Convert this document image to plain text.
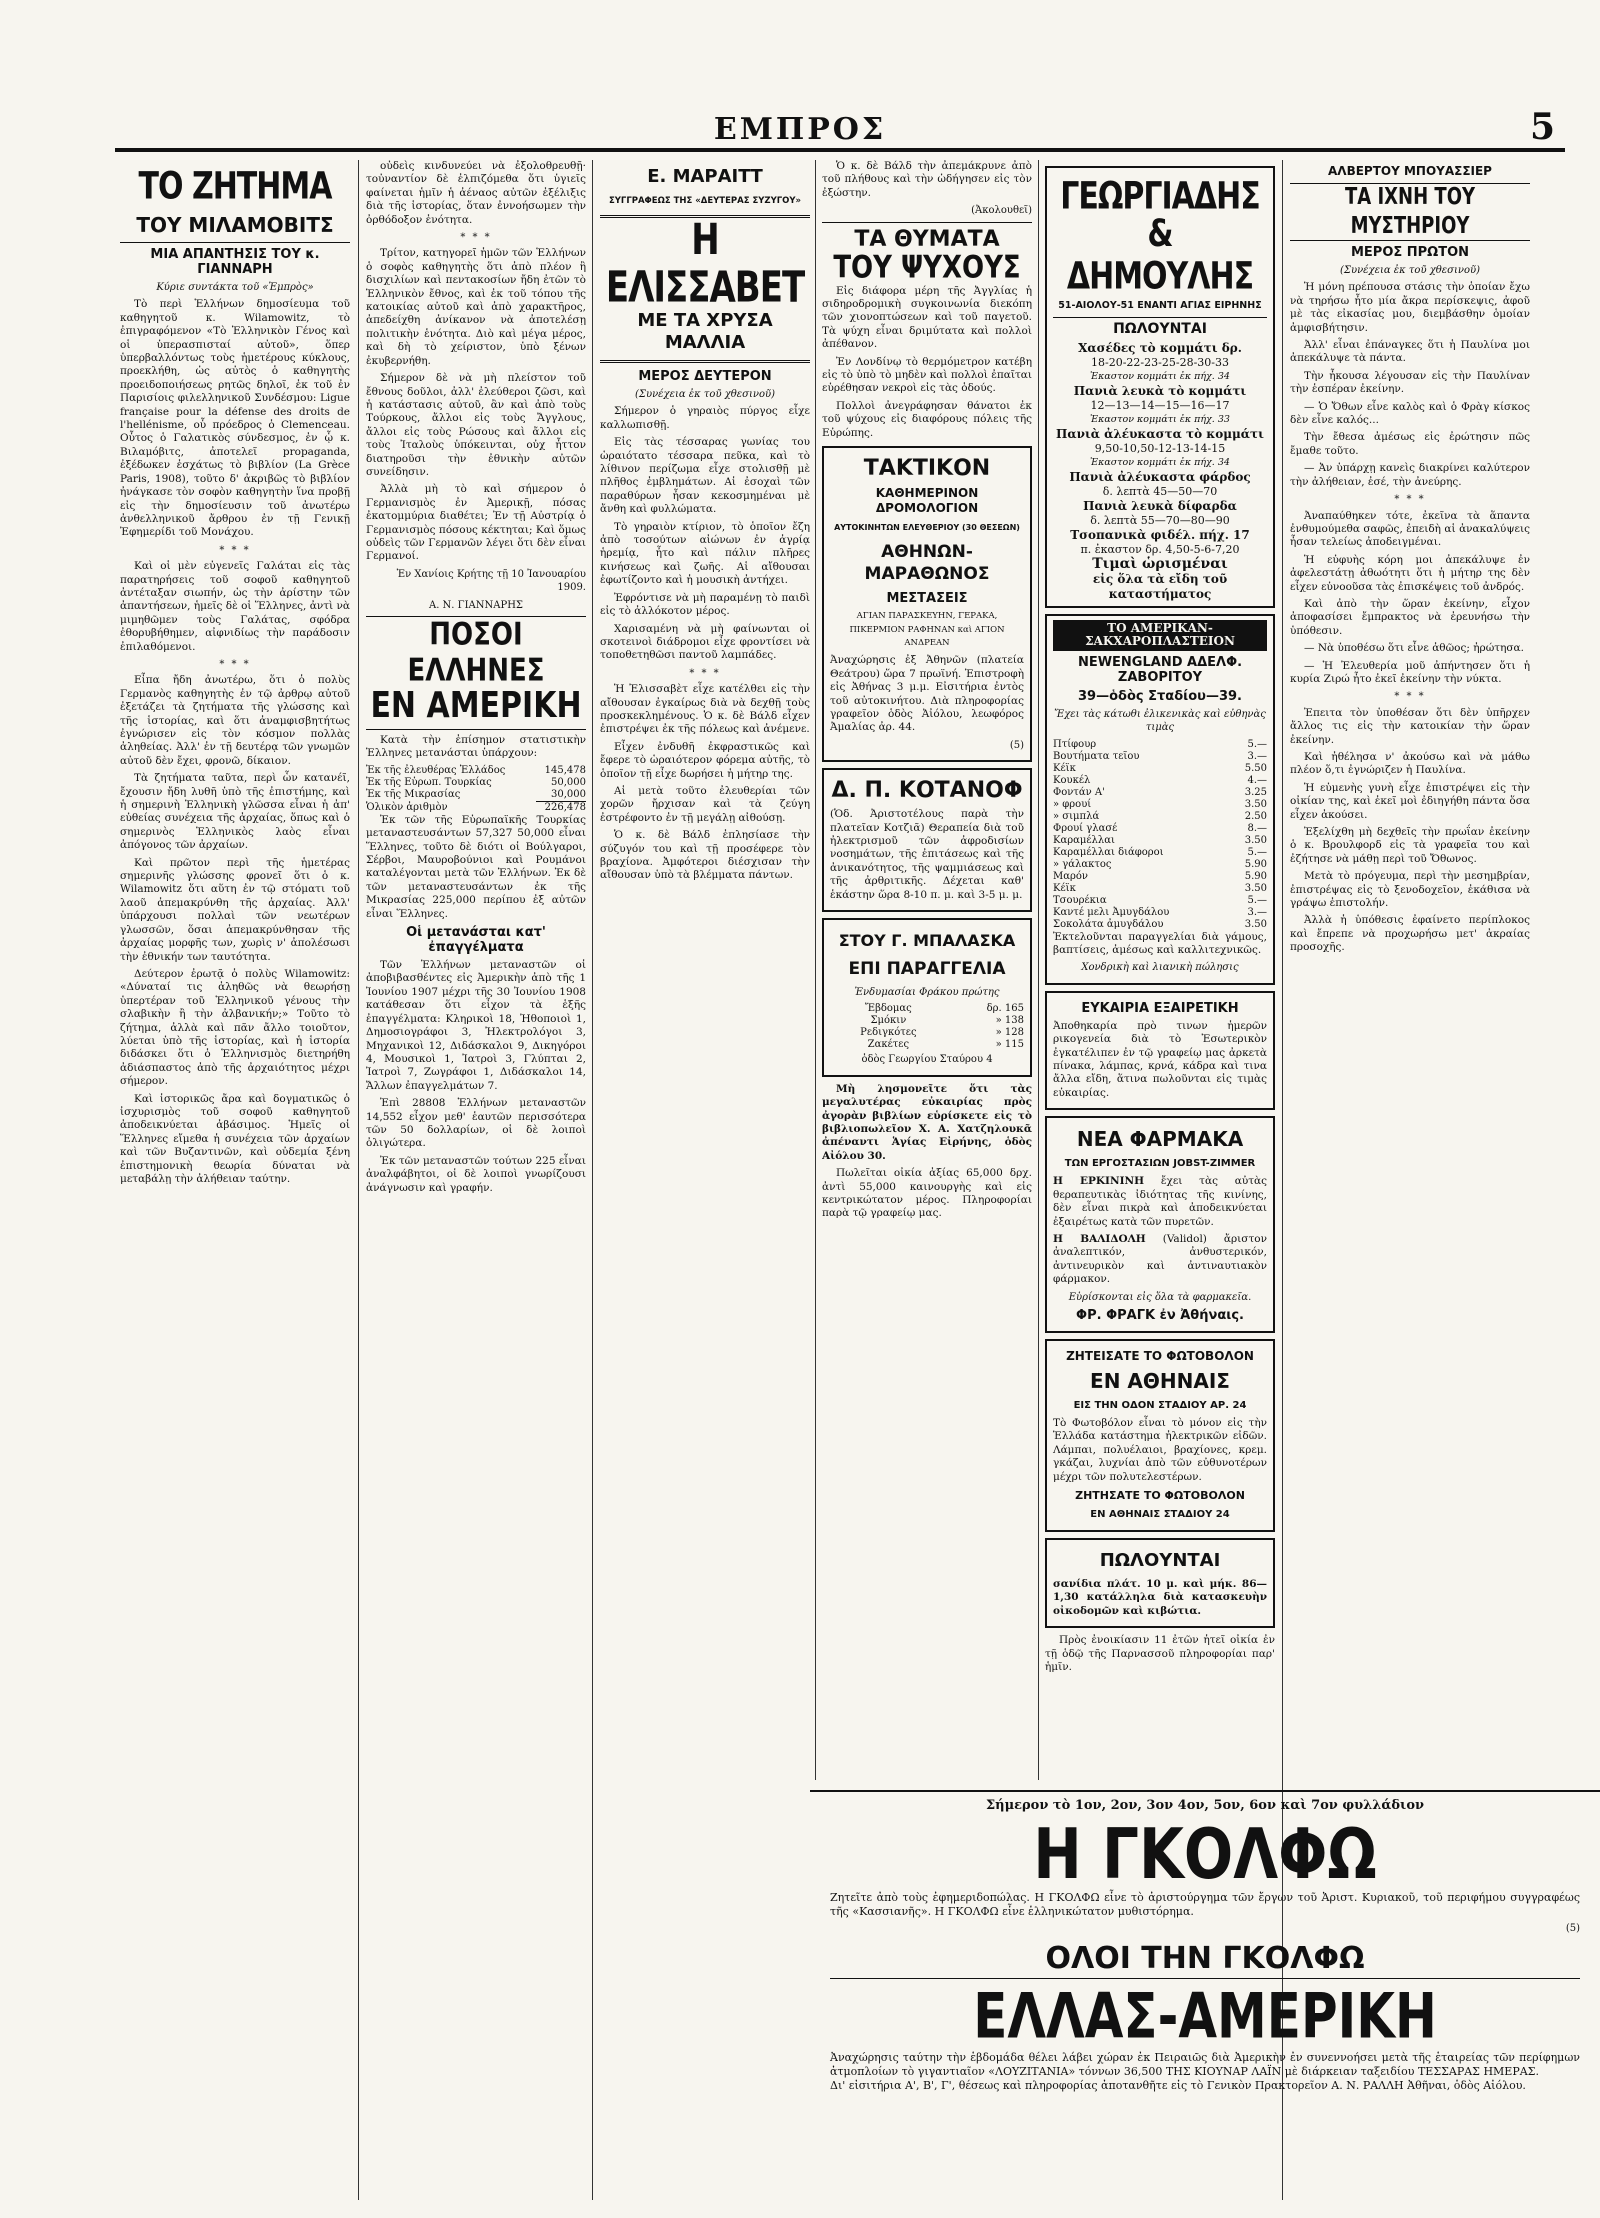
ΕΜΠΡΟΣ	5
ΤΟ ΖΗΤΗΜΑ
ΤΟΥ ΜΙΛΑΜΟΒΙΤΣ
ΜΙΑ ΑΠΑΝΤΗΣΙΣ ΤΟΥ κ. ΓΙΑΝΝΑΡΗ
Κύριε συντάκτα τοῦ «Ἐμπρὸς»

Τὸ περὶ Ἑλλήνων δημοσίευμα τοῦ καθηγητοῦ κ. Wilamowitz, τὸ ἐπιγραφόμενον «Τὸ Ἑλληνικὸν Γένος καὶ οἱ ὑπερασπισταί αὐτοῦ», ὅπερ ὑπερβαλλόντως τοὺς ἡμετέρους κύκλους, προεκλήθη, ὡς αὐτὸς ὁ καθηγητὴς προειδοποιήσεως ρητῶς δηλοῖ, ἐκ τοῦ ἐν Παρισίοις φιλελληνικοῦ Συνδέσμου: Ligue française pour la défense des droits de l'hellénisme, οὗ πρόεδρος ὁ Clemenceau. Οὗτος ὁ Γαλατικὸς σύνδεσμος, ἐν ᾧ κ. Βιλαμόβιτς, ἀποτελεῖ propaganda, ἐξέδωκεν ἐσχάτως τὸ βιβλίον (La Grèce Paris, 1908), τοῦτο δ' ἀκριβῶς τὸ βιβλίον ἠνάγκασε τὸν σοφὸν καθηγητὴν ἵνα προβῇ εἰς τὴν δημοσίευσιν τοῦ ἀνωτέρω ἀνθελληνικοῦ ἄρθρου ἐν τῇ Γενικῇ Ἐφημερίδι τοῦ Μονάχου.

* * *

Καὶ οἱ μὲν εὐγενεῖς Γαλάται εἰς τὰς παρατηρήσεις τοῦ σοφοῦ καθηγητοῦ ἀντέταξαν σιωπήν, ὡς τὴν ἀρίστην τῶν ἀπαντήσεων, ἡμεῖς δὲ οἱ Ἕλληνες, ἀντὶ νὰ μιμηθῶμεν τοὺς Γαλάτας, σφόδρα ἐθορυβήθημεν, αἰφνιδίως τὴν παράδοσιν ἐπιλαθόμενοι.

* * *

Εἶπα ἤδη ἀνωτέρω, ὅτι ὁ πολὺς Γερμανὸς καθηγητὴς ἐν τῷ ἀρθρῳ αὐτοῦ ἐξετάζει τὰ ζητήματα τῆς γλώσσης καὶ τῆς ἱστορίας, καὶ ὅτι ἀναμφισβητήτως ἐγνώρισεν εἰς τὸν κόσμον πολλὰς ἀληθείας. Ἀλλ' ἐν τῇ δευτέρᾳ τῶν γνωμῶν αὐτοῦ δὲν ἔχει, φρονῶ, δίκαιον.

Τὰ ζητήματα ταῦτα, περὶ ὧν κατανέῖ, ἔχουσιν ἤδη λυθῆ ὑπὸ τῆς ἐπιστήμης, καὶ ἡ σημερινὴ Ἑλληνικὴ γλῶσσα εἶναι ἡ ἀπ' εὐθείας συνέχεια τῆς ἀρχαίας, ὅπως καὶ ὁ σημερινὸς Ἑλληνικὸς λαὸς εἶναι ἀπόγονος τῶν ἀρχαίων.

Καὶ πρῶτον περὶ τῆς ἡμετέρας σημερινῆς γλώσσης φρονεῖ ὅτι ὁ κ. Wilamowitz ὅτι αὕτη ἐν τῷ στόματι τοῦ λαοῦ ἀπεμακρύνθη τῆς ἀρχαίας. Ἀλλ' ὑπάρχουσι πολλαὶ τῶν νεωτέρων γλωσσῶν, ὅσαι ἀπεμακρύνθησαν τῆς ἀρχαίας μορφῆς των, χωρὶς ν' ἀπολέσωσι τὴν ἐθνικήν των ταυτότητα.

Δεύτερον ἐρωτᾷ ὁ πολὺς Wilamowitz: «Δύναταί τις ἀληθῶς νὰ θεωρήσῃ ὑπερτέραν τοῦ Ἑλληνικοῦ γένους τὴν σλαβικὴν ἢ τὴν ἀλβανικήν;» Τοῦτο τὸ ζήτημα, ἀλλὰ καὶ πᾶν ἄλλο τοιοῦτον, λύεται ὑπὸ τῆς ἱστορίας, καὶ ἡ ἱστορία διδάσκει ὅτι ὁ Ἑλληνισμὸς διετηρήθη ἀδιάσπαστος ἀπὸ τῆς ἀρχαιότητος μέχρι σήμερον.

Καὶ ἱστορικῶς ἄρα καὶ δογματικῶς ὁ ἰσχυρισμὸς τοῦ σοφοῦ καθηγητοῦ ἀποδεικνύεται ἀβάσιμος. Ἡμεῖς οἱ Ἕλληνες εἴμεθα ἡ συνέχεια τῶν ἀρχαίων καὶ τῶν Βυζαντινῶν, καὶ οὐδεμία ξένη ἐπιστημονικὴ θεωρία δύναται νὰ μεταβάλῃ τὴν ἀλήθειαν ταύτην.

οὐδεὶς κινδυνεύει νὰ ἐξολοθρευθῇ· τοὐναντίον δὲ ἐλπιζόμεθα ὅτι ὑγιεῖς φαίνεται ἡμῖν ἡ ἀέναος αὐτῶν ἐξέλιξις διὰ τῆς ἱστορίας, ὅταν ἐννοήσωμεν τὴν ὀρθόδοξον ἐνότητα.

* * *

Τρίτον, κατηγορεῖ ἡμῶν τῶν Ἑλλήνων ὁ σοφὸς καθηγητὴς ὅτι ἀπὸ πλέον ἢ δισχιλίων καὶ πεντακοσίων ἤδη ἐτῶν τὸ Ἑλληνικὸν ἔθνος, καὶ ἐκ τοῦ τόπου τῆς κατοικίας αὐτοῦ καὶ ἀπὸ χαρακτῆρος, ἀπεδείχθη ἀνίκανον νὰ ἀποτελέσῃ πολιτικὴν ἑνότητα. Διὸ καὶ μέγα μέρος, καὶ δὴ τὸ χείριστον, ὑπὸ ξένων ἐκυβερνήθη.

Σήμερον δὲ νὰ μὴ πλείστον τοῦ ἔθνους δοῦλοι, ἀλλ' ἐλεύθεροι ζῶσι, καὶ ἡ κατάστασις αὐτοῦ, ἂν καὶ ἀπὸ τοὺς Τούρκους, ἄλλοι εἰς τοὺς Ἄγγλους, ἄλλοι εἰς τοὺς Ρώσους καὶ ἄλλοι εἰς τοὺς Ἰταλοὺς ὑπόκεινται, οὐχ ἧττον διατηροῦσι τὴν ἐθνικὴν αὐτῶν συνείδησιν.

Ἀλλὰ μὴ τὸ καὶ σήμερον ὁ Γερμανισμὸς ἐν Ἀμερικῇ, πόσας ἐκατομμύρια διαθέτει; Ἐν τῇ Αὐστρίᾳ ὁ Γερμανισμὸς πόσους κέκτηται; Καὶ ὅμως οὐδεὶς τῶν Γερμανῶν λέγει ὅτι δὲν εἶναι Γερμανοί.

Ἐν Χανίοις Κρήτης τῇ 10 Ἰανουαρίου 1909.
Α. Ν. ΓΙΑΝΝΑΡΗΣ
ΠΟΣΟΙ ΕΛΛΗΝΕΣ
ΕΝ ΑΜΕΡΙΚΗ

Κατὰ τὴν ἐπίσημον στατιστικὴν Ἑλληνες μετανάσται ὑπάρχουν:

Ἐκ τῆς ἐλευθέρας Ἑλλάδος	145,478
Ἐκ τῆς Εὐρωπ. Τουρκίας	50,000
Ἐκ τῆς Μικρασίας	30,000
Ὁλικὸν ἀριθμὸν	226,478

Ἐκ τῶν τῆς Εὐρωπαϊκῆς Τουρκίας μεταναστευσάντων 57,327 50,000 εἶναι Ἕλληνες, τοῦτο δὲ διότι οἱ Βούλγαροι, Σέρβοι, Μαυροβούνιοι καὶ Ρουμάνοι καταλέγονται μετὰ τῶν Ἑλλήνων. Ἐκ δὲ τῶν μεταναστευσάντων ἐκ τῆς Μικρασίας 225,000 περίπου ἐξ αὐτῶν εἶναι Ἕλληνες.

Οἱ μετανάσται κατ' ἐπαγγέλματα

Τῶν Ἑλλήνων μεταναστῶν οἱ ἀποβιβασθέντες εἰς Ἀμερικὴν ἀπὸ τῆς 1 Ἰουνίου 1907 μέχρι τῆς 30 Ἰουνίου 1908 κατάθεσαν ὅτι εἶχον τὰ ἑξῆς ἐπαγγέλματα: Κληρικοὶ 18, Ἠθοποιοὶ 1, Δημοσιογράφοι 3, Ἠλεκτρολόγοι 3, Μηχανικοὶ 12, Διδάσκαλοι 9, Δικηγόροι 4, Μουσικοὶ 1, Ἰατροὶ 3, Γλύπται 2, Ἰατροὶ 7, Ζωγράφοι 1, Διδάσκαλοι 14, Ἄλλων ἐπαγγελμάτων 7.

Ἐπὶ 28808 Ἑλλήνων μεταναστῶν 14,552 εἶχον μεθ' ἑαυτῶν περισσότερα τῶν 50 δολλαρίων, οἱ δὲ λοιποὶ ὀλιγώτερα.

Ἐκ τῶν μεταναστῶν τούτων 225 εἶναι ἀναλφάβητοι, οἱ δὲ λοιποὶ γνωρίζουσι ἀνάγνωσιν καὶ γραφήν.

Ε. ΜΑΡΑΙΤΤ
ΣΥΓΓΡΑΦΕΩΣ ΤΗΣ «ΔΕΥΤΕΡΑΣ ΣΥΖΥΓΟΥ»
Η ΕΛΙΣΣΑΒΕΤ
ΜΕ ΤΑ ΧΡΥΣΑ ΜΑΛΛΙΑ
ΜΕΡΟΣ ΔΕΥΤΕΡΟΝ
(Συνέχεια ἐκ τοῦ χθεσινοῦ)

Σήμερον ὁ γηραιὸς πύργος εἶχε καλλωπισθῇ.

Εἰς τὰς τέσσαρας γωνίας του ὡραιότατο τέσσαρα πεῦκα, καὶ τὸ λίθινον περίζωμα εἶχε στολισθῇ μὲ πλῆθος ἐμβλημάτων. Αἱ ἐσοχαὶ τῶν παραθύρων ἦσαν κεκοσμημέναι μὲ ἄνθη καὶ φυλλώματα.

Τὸ γηραιὸν κτίριον, τὸ ὁποῖον ἔζη ἀπὸ τοσούτων αἰώνων ἐν ἀγρίᾳ ἡρεμίᾳ, ἦτο καὶ πάλιν πλῆρες κινήσεως καὶ ζωῆς. Αἱ αἴθουσαι ἐφωτίζοντο καὶ ἡ μουσικὴ ἀντήχει.

Ἐφρόντισε νὰ μὴ παραμένῃ τὸ παιδὶ εἰς τὸ ἀλλόκοτον μέρος.

Χαρισαμένη νὰ μὴ φαίνωνται οἱ σκοτεινοὶ διάδρομοι εἶχε φροντίσει νὰ τοποθετηθῶσι παντοῦ λαμπάδες.

* * *

Ἡ Ἐλισσαβὲτ εἶχε κατέλθει εἰς τὴν αἴθουσαν ἐγκαίρως διὰ νὰ δεχθῇ τοὺς προσκεκλημένους. Ὁ κ. δὲ Βάλδ εἶχεν ἐπιστρέψει ἐκ τῆς πόλεως καὶ ἀνέμενε.

Εἶχεν ἐνδυθῆ ἐκφραστικῶς καὶ ἔφερε τὸ ὡραιότερον φόρεμα αὐτῆς, τὸ ὁποῖον τῇ εἶχε δωρήσει ἡ μήτηρ της.

Αἱ μετὰ τοῦτο ἐλευθερίαι τῶν χορῶν ἤρχισαν καὶ τὰ ζεύγη ἐστρέφοντο ἐν τῇ μεγάλῃ αἰθούσῃ.

Ὁ κ. δὲ Βάλδ ἐπλησίασε τὴν σύζυγόν του καὶ τῇ προσέφερε τὸν βραχίονα. Ἀμφότεροι διέσχισαν τὴν αἴθουσαν ὑπὸ τὰ βλέμματα πάντων.

Ὁ κ. δὲ Βάλδ τὴν ἀπεμάκρυνε ἀπὸ τοῦ πλήθους καὶ τὴν ὡδήγησεν εἰς τὸν ἐξώστην.

(Ἀκολουθεῖ)
ΤΑ ΘΥΜΑΤΑ
ΤΟΥ ΨΥΧΟΥΣ

Εἰς διάφορα μέρη τῆς Ἀγγλίας ἡ σιδηροδρομικὴ συγκοινωνία διεκόπη τῶν χιονοπτώσεων καὶ τοῦ παγετοῦ. Τὰ ψύχη εἶναι δριμύτατα καὶ πολλοὶ ἀπέθανον.

Ἐν Λονδίνῳ τὸ θερμόμετρον κατέβη εἰς τὸ ὑπὸ τὸ μηδὲν καὶ πολλοὶ ἐπαῖται εὑρέθησαν νεκροὶ εἰς τὰς ὁδούς.

Πολλοὶ ἀνεγράφησαν θάνατοι ἐκ τοῦ ψύχους εἰς διαφόρους πόλεις τῆς Εὐρώπης.

ΤΑΚΤΙΚΟΝ
ΚΑΘΗΜΕΡΙΝΟΝ ΔΡΟΜΟΛΟΓΙΟΝ
ΑΥΤΟΚΙΝΗΤΩΝ ΕΛΕΥΘΕΡΙΟΥ (30 ΘΕΣΕΩΝ)
ΑΘΗΝΩΝ-ΜΑΡΑΘΩΝΟΣ
ΜΕΣΤΑΣΕΙΣ
ΑΓΙΑΝ ΠΑΡΑΣΚΕΥΗΝ, ΓΕΡΑΚΑ, ΠΙΚΕΡΜΙΟΝ ΡΑΦΗΝΑΝ καὶ ΑΓΙΟΝ ΑΝΔΡΕΑΝ

Ἀναχώρησις ἐξ Ἀθηνῶν (πλατεία Θεάτρου) ὥρα 7 πρωϊνή. Ἐπιστροφὴ εἰς Ἀθήνας 3 μ.μ. Εἰσιτήρια ἐντὸς τοῦ αὐτοκινήτου. Διὰ πληροφορίας γραφεῖον ὁδὸς Ἀἰόλου, λεωφόρος Ἀμαλίας ἀρ. 44.

(5)
Δ. Π. ΚΟΤΑΝΟΦ

(Ὁδ. Ἀριστοτέλους παρὰ τὴν πλατεῖαν Κοτζιᾶ) Θεραπεία διὰ τοῦ ἠλεκτρισμοῦ τῶν ἀφροδισίων νοσημάτων, τῆς ἐπιτάσεως καὶ τῆς ἀνικανότητος, τῆς ψαμμιάσεως καὶ τῆς ἀρθριτικῆς. Δέχεται καθ' ἑκάστην ὥρα 8-10 π. μ. καὶ 3-5 μ. μ.

ΣΤΟΥ Γ. ΜΠΑΛΑΣΚΑ
ΕΠΙ ΠΑΡΑΓΓΕΛΙΑ
Ἐνδυμασίαι Φράκου πρώτης
Ἔβδομας	δρ. 165
Σμόκιν	» 138
Ρεδιγκότες	» 128
Ζακέτες	» 115
ὁδὸς Γεωργίου Σταύρου 4

Μὴ λησμονεῖτε ὅτι τὰς μεγαλυτέρας εὐκαιρίας πρὸς ἀγορὰν βιβλίων εὑρίσκετε εἰς τὸ βιβλιοπωλεῖον Χ. Α. Χατζηλουκᾶ ἀπέναντι Ἁγίας Εἰρήνης, ὁδὸς Αἰόλου 30.

Πωλεῖται οἰκία ἀξίας 65,000 δρχ. ἀντὶ 55,000 καινουργὴς καὶ εἰς κεντρικώτατον μέρος. Πληροφορίαι παρὰ τῷ γραφείῳ μας.

ΓΕΩΡΓΙΑΔΗΣ
& ΔΗΜΟΥΛΗΣ
51-ΑΙΟΛΟΥ-51 ΕΝΑΝΤΙ ΑΓΙΑΣ ΕΙΡΗΝΗΣ
ΠΩΛΟΥΝΤΑΙ
Χασέδες τὸ κομμάτι δρ.
18-20-22-23-25-28-30-33
Ἐκαστον κομμάτι ἐκ πήχ. 34
Πανιὰ λευκὰ τὸ κομμάτι
12—13—14—15—16—17
Ἐκαστον κομμάτι ἐκ πήχ. 33
Πανιὰ ἀλέυκαστα τὸ κομμάτι
9,50-10,50-12-13-14-15
Ἐκαστον κομμάτι ἐκ πήχ. 34
Πανιὰ ἀλέυκαστα φάρδος
δ. λεπτὰ 45—50—70
Πανιὰ λευκὰ δίφαρδα
δ. λεπτὰ 55—70—80—90
Τσοπανικὰ φιδέλ. πήχ. 17
π. ἐκαστον δρ. 4,50-5-6-7,20
Τιμαὶ ὡρισμέναι
εἰς ὅλα τὰ εἴδη τοῦ καταστήματος
ΤΟ ΑΜΕΡΙΚΑΝ-ΣΑΚΧΑΡΟΠΛΑΣΤΕΙΟΝ
NEWENGLAND ΑΔΕΛΦ. ΖΑΒΟΡΙΤΟΥ
39—ὁδὸς Σταδίου—39.
Ἔχει τὰς κάτωθι ἐλικενικὰς καὶ εὐθηνὰς τιμὰς
Πτίφουρ	5.—
Βουτήματα τεῖου	3.—
Κέϊκ	5.50
Κουκέλ	4.—
Φοντάν Α'	3.25
» φρουί	3.50
» σιμπλά	2.50
Φρουί γλασέ	8.—
Καραμέλλαι	3.50
Καραμέλλαι διάφοροι	5.—
» γάλακτος	5.90
Μαρόν	5.90
Κέϊκ	3.50
Τσουρέκια	5.—
Καντέ μελι Ἀμυγδάλου	3.—
Σοκολάτα ἀμυγδάλου	3.50

Ἐκτελοῦνται παραγγελίαι διὰ γάμους, βαπτίσεις, ἀμέσως καὶ καλλιτεχνικῶς.

Χονδρικὴ καὶ λιανικὴ πώλησις
ΕΥΚΑΙΡΙΑ ΕΞΑΙΡΕΤΙΚΗ

Ἀποθηκαρία πρὸ τινων ἡμερῶν ρικογενεία διὰ τὸ Ἐσωτερικὸν ἐγκατέλιπεν ἐν τῷ γραφείῳ μας ἀρκετὰ πίνακα, λάμπας, κρνά, κάδρα καὶ τινα ἄλλα εἴδη, ἅτινα πωλοῦνται εἰς τιμὰς εὐκαιρίας.

ΝΕΑ ΦΑΡΜΑΚΑ
ΤΩΝ ΕΡΓΟΣΤΑΣΙΩΝ JOBST-ZIMMER

Η ΕΡΚΙΝΙΝΗ ἔχει τὰς αὐτὰς θεραπευτικὰς ἰδιότητας τῆς κινίνης, δὲν εἶναι πικρὰ καὶ ἀποδεικνύεται ἐξαιρέτως κατὰ τῶν πυρετῶν.

Η ΒΑΛΙΔΟΛΗ (Validol) ἄριστον ἀναλεπτικόν, ἀνθυστερικόν, ἀντινευρικὸν καὶ ἀντιναυτιακὸν φάρμακον.

Εὑρίσκονται εἰς ὅλα τὰ φαρμακεῖα.
ΦΡ. ΦΡΑΓΚ ἐν Ἀθήναις.
ΖΗΤΕΙΣΑΤΕ ΤΟ ΦΩΤΟΒΟΛΟΝ
ΕΝ ΑΘΗΝΑΙΣ
ΕΙΣ ΤΗΝ ΟΔΟΝ ΣΤΑΔΙΟΥ ΑΡ. 24

Τὸ Φωτοβόλον εἶναι τὸ μόνον εἰς τὴν Ἑλλάδα κατάστημα ἠλεκτρικῶν εἰδῶν. Λάμπαι, πολυέλαιοι, βραχίονες, κρεμ. γκάζαι, λυχνίαι ἀπὸ τῶν εὐθυνοτέρων μέχρι τῶν πολυτελεστέρων.

ΖΗΤΗΣΑΤΕ ΤΟ ΦΩΤΟΒΟΛΟΝ
ΕΝ ΑΘΗΝΑΙΣ ΣΤΑΔΙΟΥ 24
ΠΩΛΟΥΝΤΑΙ

σανίδια πλάτ. 10 μ. καὶ μήκ. 86—1,30 κατάλληλα διὰ κατασκευὴν οἰκοδομῶν καὶ κιβώτια.

Πρὸς ἐνοικίασιν 11 ἐτῶν ἡτεῖ οἰκία ἐν τῇ ὁδῷ τῆς Παρνασσοῦ πληροφορίαι παρ' ἡμῖν.

ΑΛΒΕΡΤΟΥ ΜΠΟΥΑΣΣΙΕΡ
ΤΑ ΙΧΝΗ ΤΟΥ ΜΥΣΤΗΡΙΟΥ
ΜΕΡΟΣ ΠΡΩΤΟΝ
(Συνέχεια ἐκ τοῦ χθεσινοῦ)

Ἡ μόνη πρέπουσα στάσις τὴν ὁποίαν ἔχω νὰ τηρήσω ἦτο μία ἄκρα περίσκεψις, ἀφοῦ μὲ τὰς εἰκασίας μου, διεμβάσθην ὁμοίαν ἀμφισβήτησιν.

Ἀλλ' εἶναι ἐπάναγκες ὅτι ἡ Παυλίνα μοι ἀπεκάλυψε τὰ πάντα.

Τὴν ἦκουσα λέγουσαν εἰς τὴν Παυλίναν τὴν ἑσπέραν ἐκείνην.

— Ὁ Ὄθων εἶνε καλὸς καὶ ὁ Φρὰγ κίσκος δὲν εἶνε καλός...

Τὴν ἔθεσα ἀμέσως εἰς ἐρώτησιν πῶς ἔμαθε τοῦτο.

— Ἀν ὑπάρχῃ κανεὶς διακρίνει καλύτερον τὴν ἀλήθειαν, ἐσέ, τὴν ἀνεύρης.

* * *

Ἀναπαύθηκεν τότε, ἐκεῖνα τὰ ἅπαντα ἐνθυμούμεθα σαφῶς, ἐπειδὴ αἱ ἀνακαλύψεις ἦσαν τελείως ἀποδειγμέναι.

Ἡ εὐφυὴς κόρη μοι ἀπεκάλυψε ἐν ἀφελεστάτῃ ἀθωότητι ὅτι ἡ μήτηρ της δὲν εἶχεν εὐνοοῦσα τὰς ἐπισκέψεις τοῦ ἀνδρός.

Καὶ ἀπὸ τὴν ὥραν ἐκείνην, εἶχον ἀποφασίσει ἔμπρακτος νὰ ἐρευνήσω τὴν ὑπόθεσιν.

— Νὰ ὑποθέσω ὅτι εἶνε ἀθῶος; ἠρώτησα.

— Ἡ Ἐλευθερία μοῦ ἀπήντησεν ὅτι ἡ κυρία Ζιρώ ἦτο ἐκεῖ ἐκείνην τὴν νύκτα.

* * *

Ἐπειτα τὸν ὑποθέσαν ὅτι δὲν ὑπῆρχεν ἄλλος τις εἰς τὴν κατοικίαν τὴν ὥραν ἐκείνην.

Καὶ ἠθέλησα ν' ἀκούσω καὶ νὰ μάθω πλέον ὅ,τι ἐγνώριζεν ἡ Παυλίνα.

Ἡ εὐμενὴς γυνὴ εἶχε ἐπιστρέψει εἰς τὴν οἰκίαν της, καὶ ἐκεῖ μοὶ ἐδιηγήθη πάντα ὅσα εἶχεν ἀκούσει.

Ἐξελίχθη μὴ δεχθεῖς τὴν πρωΐαν ἐκείνην ὁ κ. Βρουλφορδ εἰς τὰ γραφεῖα του καὶ ἐζήτησε νὰ μάθῃ περὶ τοῦ Ὄθωνος.

Μετὰ τὸ πρόγευμα, περὶ τὴν μεσημβρίαν, ἐπιστρέψας εἰς τὸ ξενοδοχεῖον, ἐκάθισα νὰ γράψω ἐπιστολήν.

Ἀλλὰ ἡ ὑπόθεσις ἐφαίνετο περίπλοκος καὶ ἔπρεπε νὰ προχωρήσω μετ' ἀκραίας προσοχῆς.

Σήμερον τὸ 1ον, 2ον, 3ον 4ον, 5ον, 6ον καὶ 7ον φυλλάδιον
Η ΓΚΟΛΦΩ
Ζητεῖτε ἀπὸ τοὺς ἐφημεριδοπώλας. Η ΓΚΟΛΦΩ εἶνε τὸ ἀριστούργημα τῶν ἔργων τοῦ Ἀριστ. Κυριακοῦ, τοῦ περιφήμου συγγραφέως τῆς «Κασσιανῆς». Η ΓΚΟΛΦΩ εἶνε ἑλληνικώτατον μυθιστόρημα.
(5)
ΟΛΟΙ ΤΗΝ ΓΚΟΛΦΩ
ΕΛΛΑΣ-ΑΜΕΡΙΚΗ
Ἀναχώρησις ταύτην τὴν ἑβδομάδα θέλει λάβει χώραν ἐκ Πειραιῶς διὰ Ἀμερικὴν ἐν συνεννοήσει μετὰ τῆς ἑταιρείας τῶν περίφημων ἀτμοπλοίων τὸ γιγαντιαῖον «ΛΟΥΖΙΤΑΝΙΑ» τόννων 36,500 ΤΗΣ ΚΙΟΥΝΑΡ ΛΑΪΝ μὲ διάρκειαν ταξειδίου ΤΕΣΣΑΡΑΣ ΗΜΕΡΑΣ.
Δι' εἰσιτήρια Α', Β', Γ', θέσεως καὶ πληροφορίας ἀποτανθῆτε εἰς τὸ Γενικὸν Πρακτορεῖον Α. Ν. ΡΑΛΛΗ Ἀθῆναι, ὁδὸς Αἰόλου.
